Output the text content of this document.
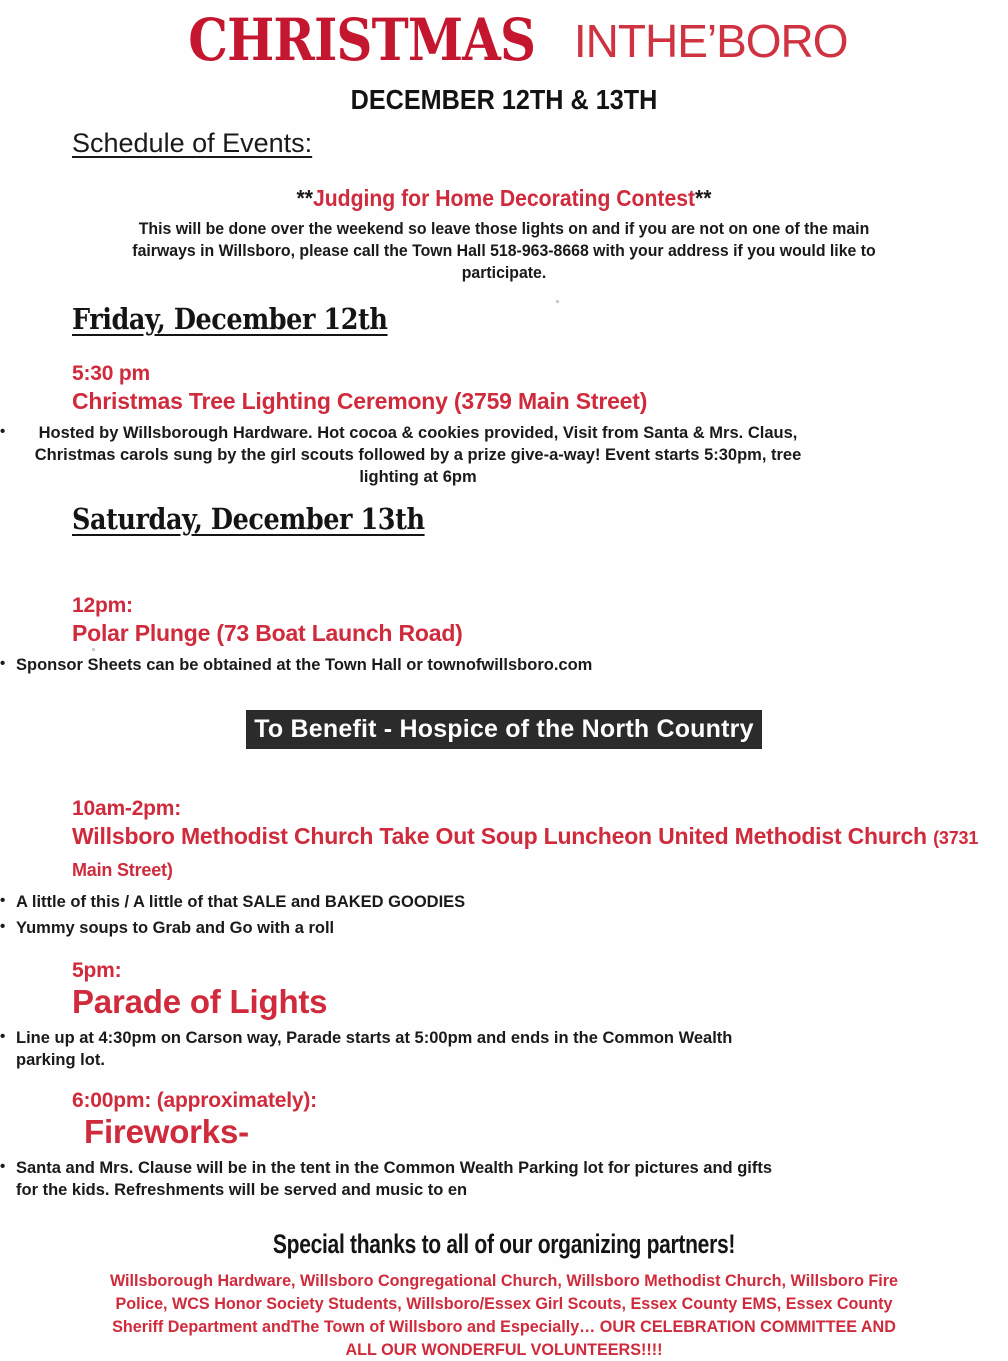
CHRISTMAS INTHE’BORO
DECEMBER 12TH & 13TH
Schedule of Events:
**Judging for Home Decorating Contest**
This will be done over the weekend so leave those lights on and if you are not on one of the main fairways in Willsboro, please call the Town Hall 518-963-8668 with your address if you would like to participate.
Friday, December 12th
5:30 pm
Christmas Tree Lighting Ceremony (3759 Main Street)
• Hosted by Willsborough Hardware. Hot cocoa & cookies provided, Visit from Santa & Mrs. Claus, Christmas carols sung by the girl scouts followed by a prize give-a-way! Event starts 5:30pm, tree lighting at 6pm
Saturday, December 13th
12pm:
Polar Plunge (73 Boat Launch Road)
• Sponsor Sheets can be obtained at the Town Hall or townofwillsboro.com
To Benefit - Hospice of the North Country
10am-2pm:
Willsboro Methodist Church Take Out Soup Luncheon United Methodist Church (3731 Main Street)
• A little of this / A little of that SALE and BAKED GOODIES
• Yummy soups to Grab and Go with a roll
5pm:
Parade of Lights
• Line up at 4:30pm on Carson way, Parade starts at 5:00pm and ends in the Common Wealth parking lot.
6:00pm: (approximately):
Fireworks-
• Santa and Mrs. Clause will be in the tent in the Common Wealth Parking lot for pictures and gifts for the kids. Refreshments will be served and music to en
Special thanks to all of our organizing partners!
Willsborough Hardware, Willsboro Congregational Church, Willsboro Methodist Church, Willsboro Fire Police, WCS Honor Society Students, Willsboro/Essex Girl Scouts, Essex County EMS, Essex County Sheriff Department andThe Town of Willsboro and Especially… OUR CELEBRATION COMMITTEE AND ALL OUR WONDERFUL VOLUNTEERS!!!!
